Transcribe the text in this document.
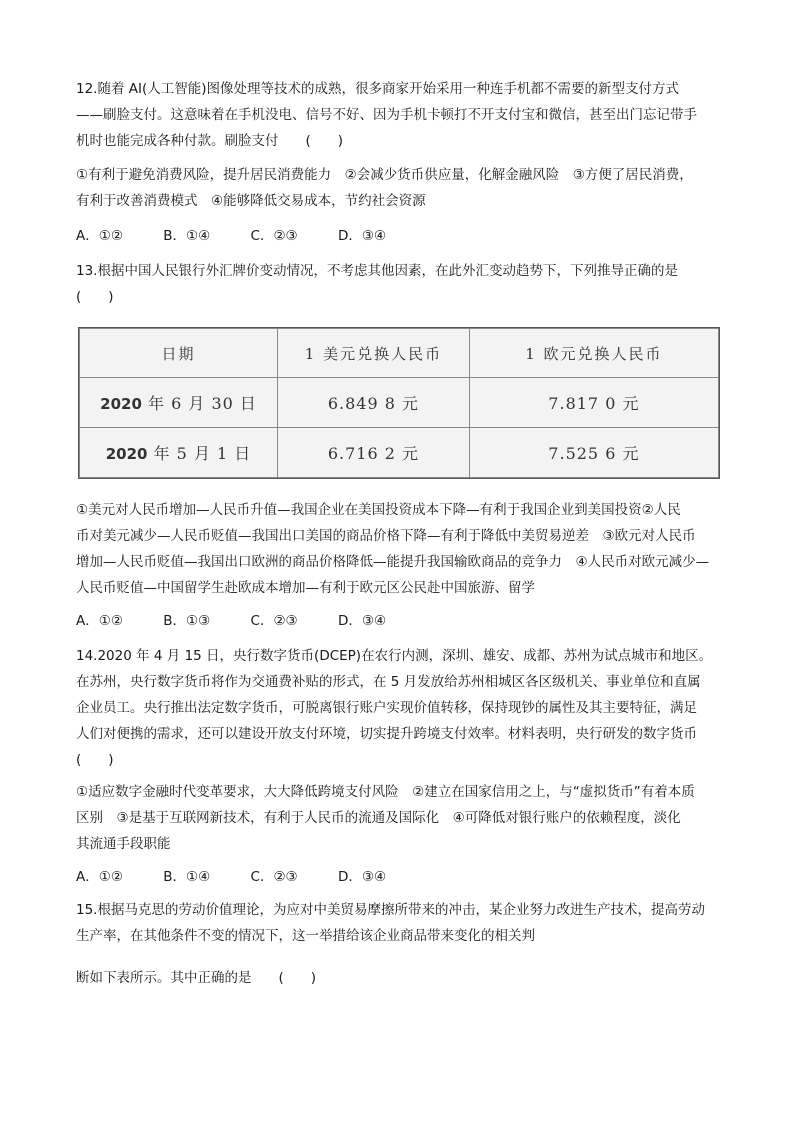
12.随着 AI(人工智能)图像处理等技术的成熟，很多商家开始采用一种连手机都不需要的新型支付方式
——刷脸支付。这意味着在手机没电、信号不好、因为手机卡顿打不开支付宝和微信，甚至出门忘记带手
机时也能完成各种付款。刷脸支付　　(　　)
①有利于避免消费风险，提升居民消费能力　②会减少货币供应量，化解金融风险　③方便了居民消费，
有利于改善消费模式　④能够降低交易成本，节约社会资源
A．①②	B．①④	C．②③	D．③④
13.根据中国人民银行外汇牌价变动情况，不考虑其他因素，在此外汇变动趋势下，下列推导正确的是
(　　)
日期	1 美元兑换人民币	1 欧元兑换人民币
2020 年 6 月 30 日	6.849 8 元	7.817 0 元
2020 年 5 月 1 日	6.716 2 元	7.525 6 元
①美元对人民币增加—人民币升值—我国企业在美国投资成本下降—有利于我国企业到美国投资②人民
币对美元减少—人民币贬值—我国出口美国的商品价格下降—有利于降低中美贸易逆差　③欧元对人民币
增加—人民币贬值—我国出口欧洲的商品价格降低—能提升我国输欧商品的竞争力　④人民币对欧元减少—
人民币贬值—中国留学生赴欧成本增加—有利于欧元区公民赴中国旅游、留学
A．①②	B．①③	C．②③	D．③④
14.2020 年 4 月 15 日，央行数字货币(DCEP)在农行内测，深圳、雄安、成都、苏州为试点城市和地区。
在苏州，央行数字货币将作为交通费补贴的形式，在 5 月发放给苏州相城区各区级机关、事业单位和直属
企业员工。央行推出法定数字货币，可脱离银行账户实现价值转移，保持现钞的属性及其主要特征，满足
人们对便携的需求，还可以建设开放支付环境，切实提升跨境支付效率。材料表明，央行研发的数字货币
(　　)
①适应数字金融时代变革要求，大大降低跨境支付风险　②建立在国家信用之上，与“虚拟货币”有着本质
区别　③是基于互联网新技术，有利于人民币的流通及国际化　④可降低对银行账户的依赖程度，淡化
其流通手段职能
A．①②	B．①④	C．②③	D．③④
15.根据马克思的劳动价值理论，为应对中美贸易摩擦所带来的冲击，某企业努力改进生产技术，提高劳动
生产率，在其他条件不变的情况下，这一举措给该企业商品带来变化的相关判
断如下表所示。其中正确的是　　(　　)
